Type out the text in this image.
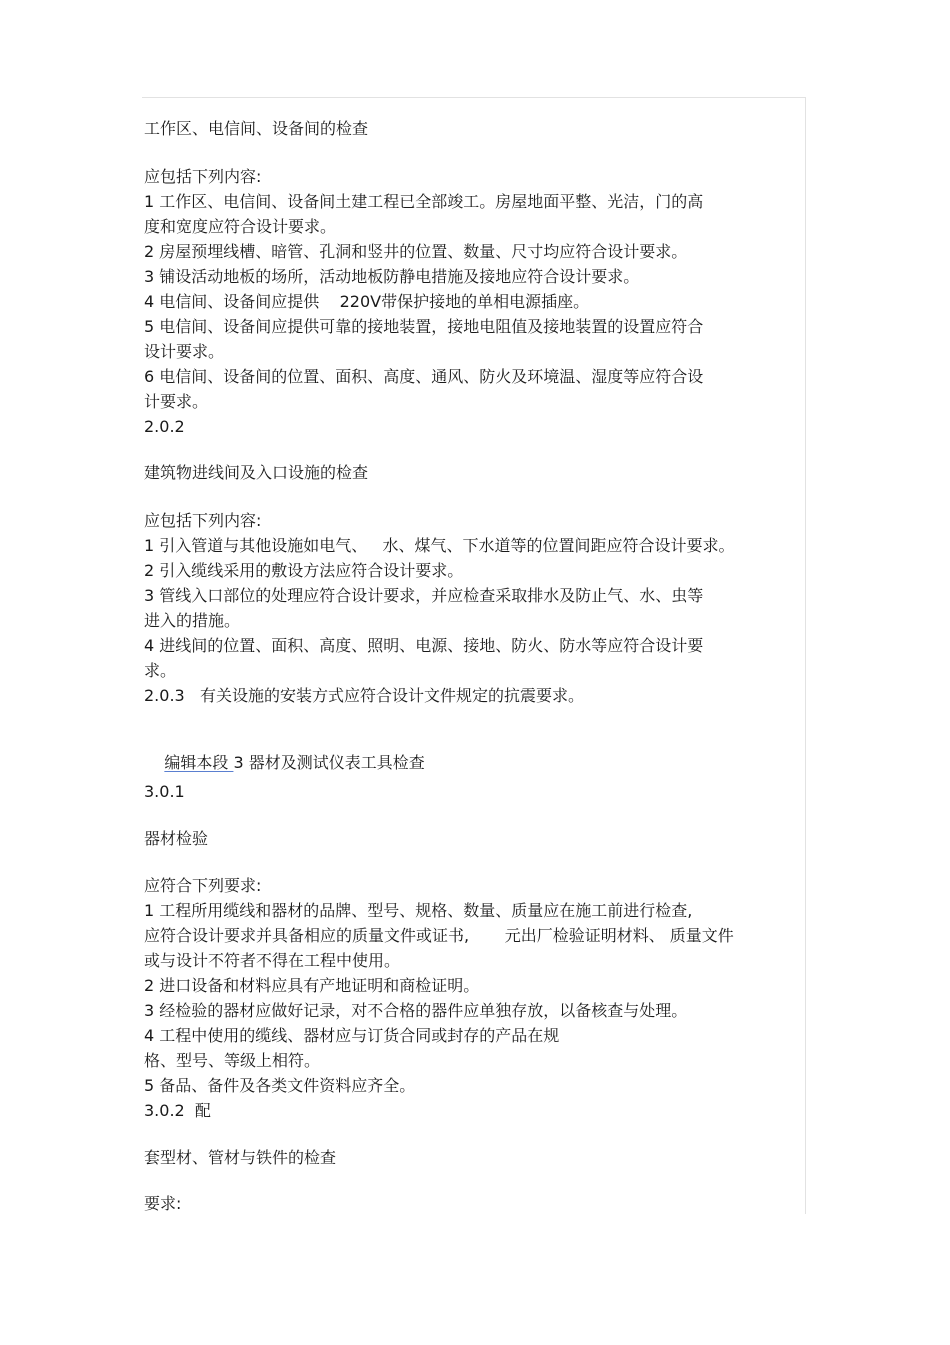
工作区、电信间、设备间的检查
应包括下列内容:
1 工作区、电信间、设备间土建工程已全部竣工。房屋地面平整、光洁，门的高
度和宽度应符合设计要求。
2 房屋预埋线槽、暗管、孔洞和竖井的位置、数量、尺寸均应符合设计要求。
3 铺设活动地板的场所，活动地板防静电措施及接地应符合设计要求。
4 电信间、设备间应提供    220V带保护接地的单相电源插座。
5 电信间、设备间应提供可靠的接地装置，接地电阻值及接地装置的设置应符合
设计要求。
6 电信间、设备间的位置、面积、高度、通风、防火及环境温、湿度等应符合设
计要求。
2.0.2
建筑物进线间及入口设施的检查
应包括下列内容:
1 引入管道与其他设施如电气、   水、煤气、下水道等的位置间距应符合设计要求。
2 引入缆线采用的敷设方法应符合设计要求。
3 管线入口部位的处理应符合设计要求，并应检查采取排水及防止气、水、虫等
进入的措施。
4 进线间的位置、面积、高度、照明、电源、接地、防火、防水等应符合设计要
求。
2.0.3   有关设施的安装方式应符合设计文件规定的抗震要求。

编辑本段 3 器材及测试仪表工具检查

3.0.1
器材检验
应符合下列要求:
1 工程所用缆线和器材的品牌、型号、规格、数量、质量应在施工前进行检查,
应符合设计要求并具备相应的质量文件或证书,       元出厂检验证明材料、 质量文件
或与设计不符者不得在工程中使用。
2 进口设备和材料应具有产地证明和商检证明。
3 经检验的器材应做好记录，对不合格的器件应单独存放，以备核查与处理。
4 工程中使用的缆线、器材应与订货合同或封存的产品在规
格、型号、等级上相符。
5 备品、备件及各类文件资料应齐全。
3.0.2  配
套型材、管材与铁件的检查
要求:
